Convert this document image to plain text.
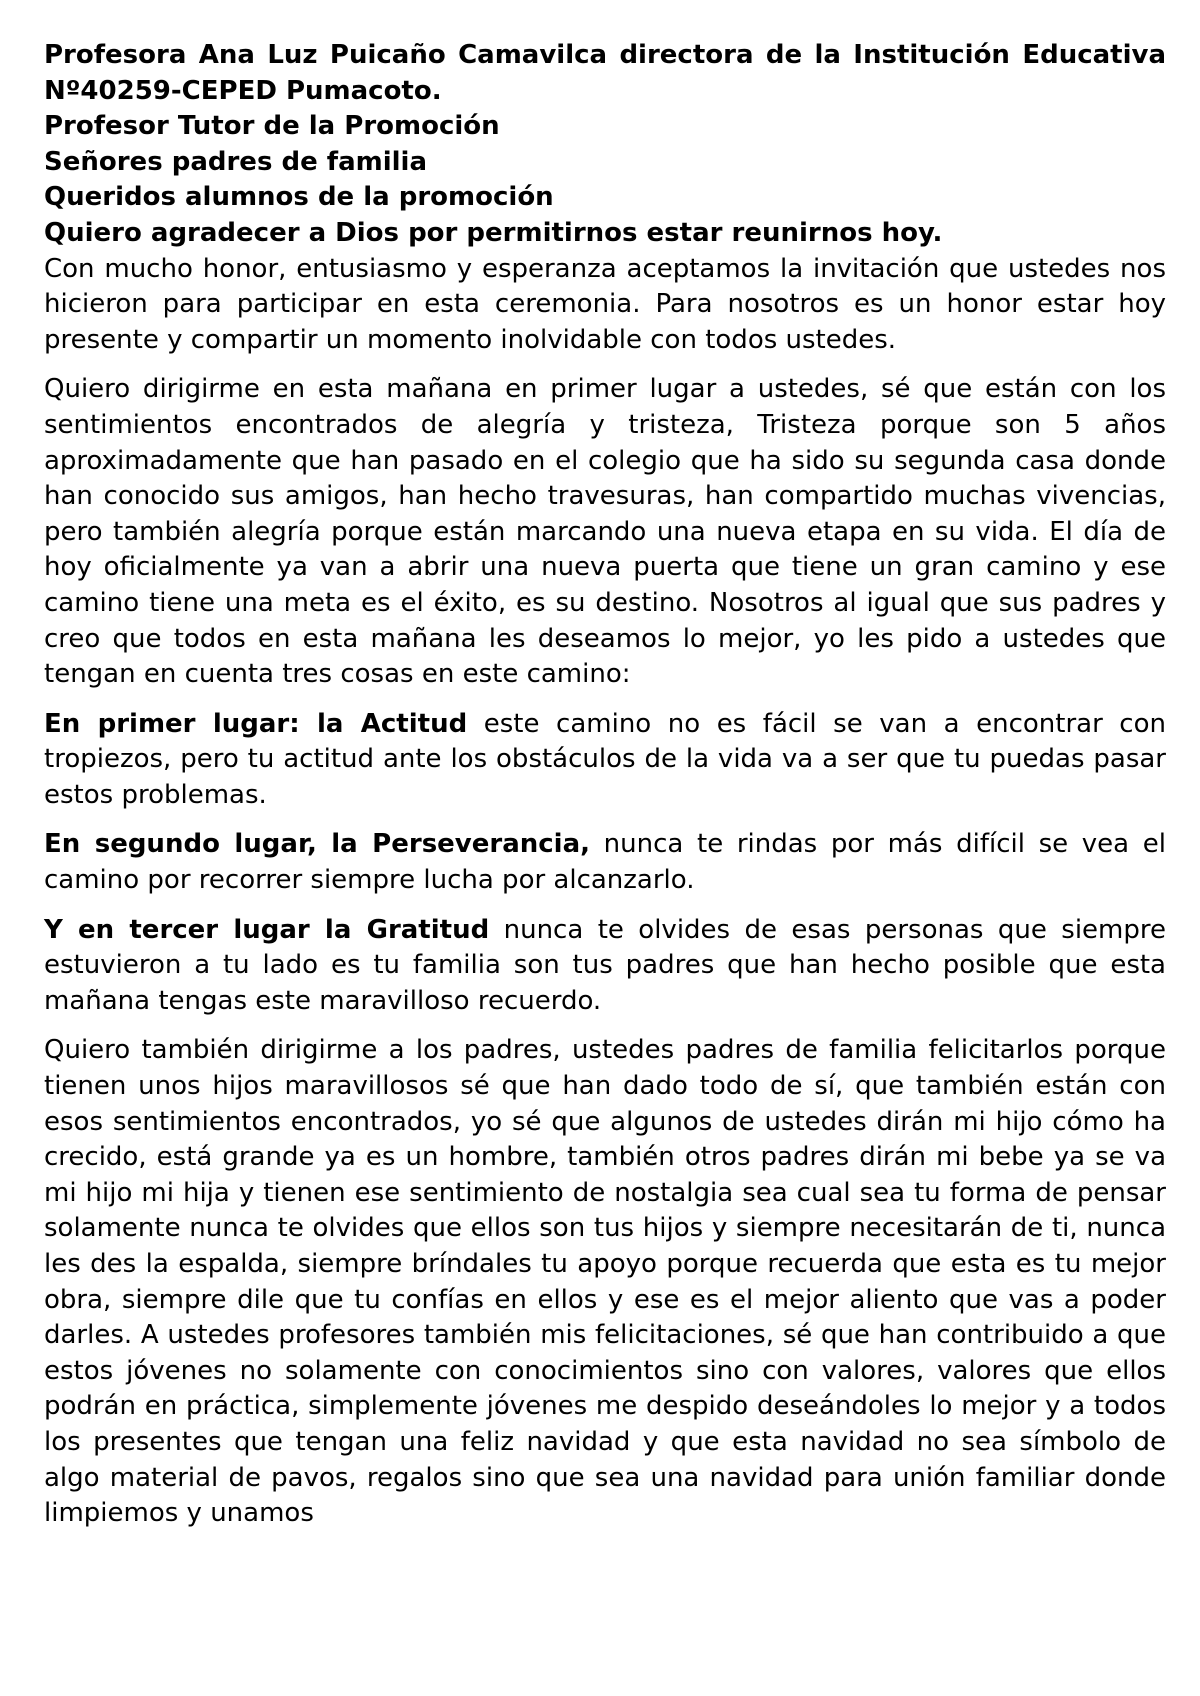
Profesora Ana Luz Puicaño Camavilca directora de la Institución Educativa Nº40259-CEPED Pumacoto.
Profesor Tutor de la Promoción
Señores padres de familia
Queridos alumnos de la promoción
Quiero agradecer a Dios por permitirnos estar reunirnos hoy.

Con mucho honor, entusiasmo y esperanza aceptamos la invitación que ustedes nos hicieron para participar en esta ceremonia. Para nosotros es un honor estar hoy presente y compartir un momento inolvidable con todos ustedes.

Quiero dirigirme en esta mañana en primer lugar a ustedes, sé que están con los sentimientos encontrados de alegría y tristeza, Tristeza porque son 5 años aproximadamente que han pasado en el colegio que ha sido su segunda casa donde han conocido sus amigos, han hecho travesuras, han compartido muchas vivencias, pero también alegría porque están marcando una nueva etapa en su vida. El día de hoy oficialmente ya van a abrir una nueva puerta que tiene un gran camino y ese camino tiene una meta es el éxito, es su destino. Nosotros al igual que sus padres y creo que todos en esta mañana les deseamos lo mejor, yo les pido a ustedes que tengan en cuenta tres cosas en este camino:

En primer lugar: la Actitud este camino no es fácil se van a encontrar con tropiezos, pero tu actitud ante los obstáculos de la vida va a ser que tu puedas pasar estos problemas.

En segundo lugar, la Perseverancia, nunca te rindas por más difícil se vea el camino por recorrer siempre lucha por alcanzarlo.

Y en tercer lugar la Gratitud nunca te olvides de esas personas que siempre estuvieron a tu lado es tu familia son tus padres que han hecho posible que esta mañana tengas este maravilloso recuerdo.

Quiero también dirigirme a los padres, ustedes padres de familia felicitarlos porque tienen unos hijos maravillosos sé que han dado todo de sí, que también están con esos sentimientos encontrados, yo sé que algunos de ustedes dirán mi hijo cómo ha crecido, está grande ya es un hombre, también otros padres dirán mi bebe ya se va mi hijo mi hija y tienen ese sentimiento de nostalgia sea cual sea tu forma de pensar solamente nunca te olvides que ellos son tus hijos y siempre necesitarán de ti, nunca les des la espalda, siempre bríndales tu apoyo porque recuerda que esta es tu mejor obra, siempre dile que tu confías en ellos y ese es el mejor aliento que vas a poder darles. A ustedes profesores también mis felicitaciones, sé que han contribuido a que estos jóvenes no solamente con conocimientos sino con valores, valores que ellos podrán en práctica, simplemente jóvenes me despido deseándoles lo mejor y a todos los presentes que tengan una feliz navidad y que esta navidad no sea símbolo de algo material de pavos, regalos sino que sea una navidad para unión familiar donde limpiemos y unamos
